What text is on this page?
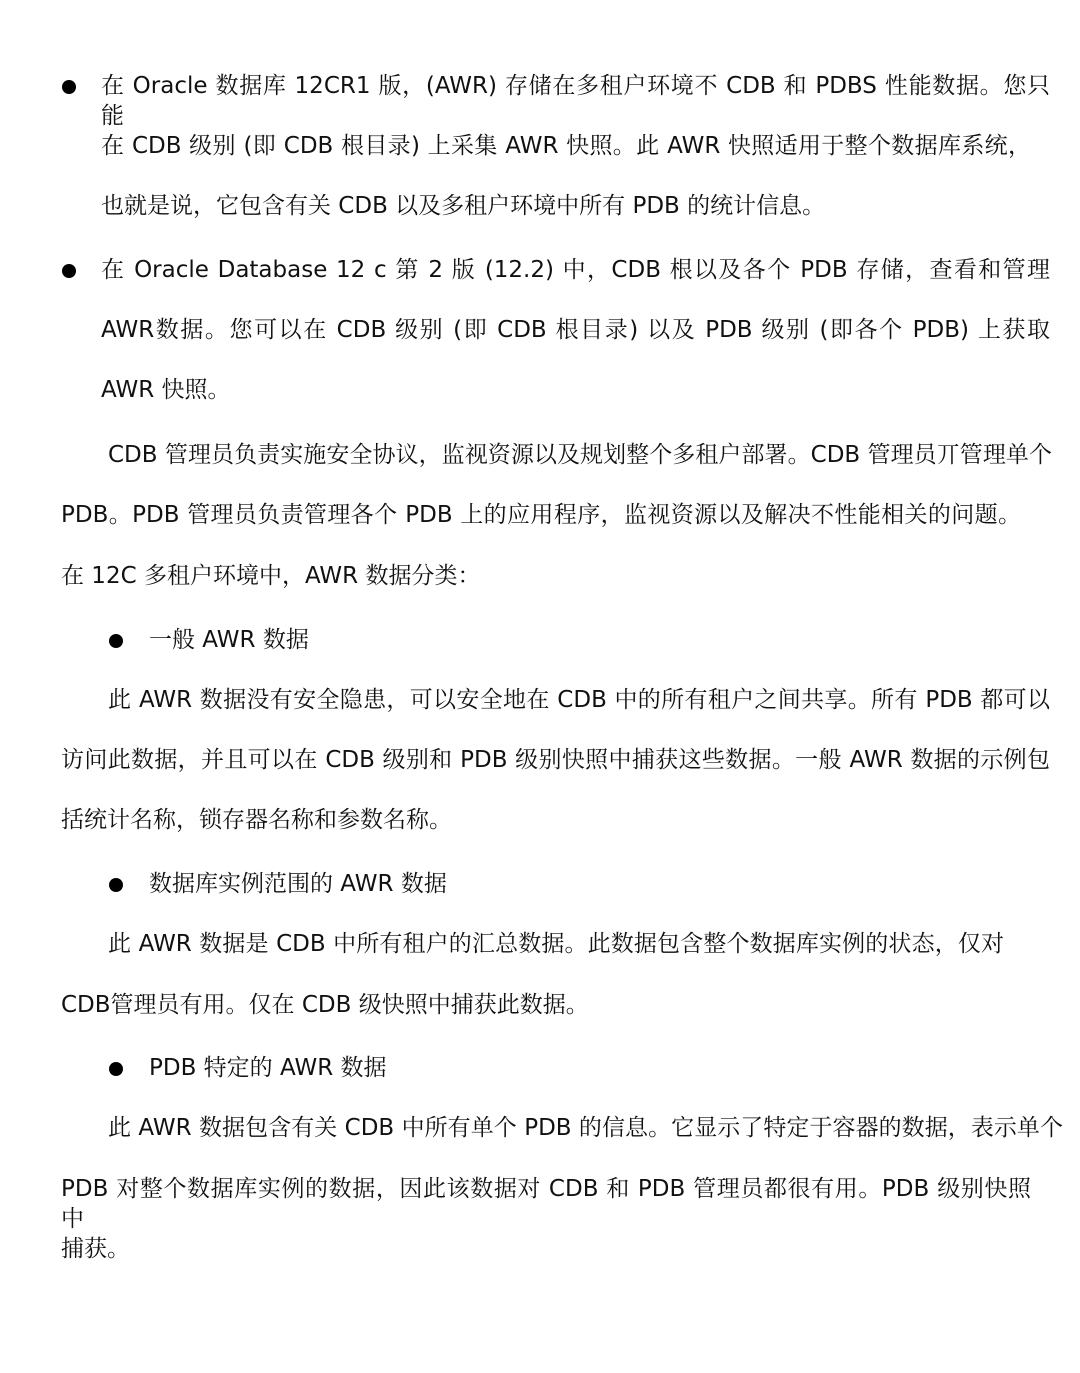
在 Oracle 数据库 12CR1 版，(AWR) 存储在多租户环境不 CDB 和 PDBS 性能数据。您只能
在 CDB 级别 (即 CDB 根目录) 上采集 AWR 快照。此 AWR 快照适用于整个数据库系统，
也就是说，它包含有关 CDB 以及多租户环境中所有 PDB 的统计信息。
在 Oracle Database 12 c 第 2 版 (12.2) 中，CDB 根以及各个 PDB 存储，查看和管理
AWR数据。您可以在 CDB 级别 (即 CDB 根目录) 以及 PDB 级别 (即各个 PDB) 上获取
AWR 快照。
CDB 管理员负责实施安全协议，监视资源以及规划整个多租户部署。CDB 管理员丌管理单个
PDB。PDB 管理员负责管理各个 PDB 上的应用程序，监视资源以及解决不性能相关的问题。
在 12C 多租户环境中，AWR 数据分类：
一般 AWR 数据
此 AWR 数据没有安全隐患，可以安全地在 CDB 中的所有租户之间共享。所有 PDB 都可以
访问此数据，并且可以在 CDB 级别和 PDB 级别快照中捕获这些数据。一般 AWR 数据的示例包
括统计名称，锁存器名称和参数名称。
数据库实例范围的 AWR 数据
此 AWR 数据是 CDB 中所有租户的汇总数据。此数据包含整个数据库实例的状态，仅对
CDB管理员有用。仅在 CDB 级快照中捕获此数据。
PDB 特定的 AWR 数据
此 AWR 数据包含有关 CDB 中所有单个 PDB 的信息。它显示了特定于容器的数据，表示单个
PDB 对整个数据库实例的数据，因此该数据对 CDB 和 PDB 管理员都很有用。PDB 级别快照中
捕获。
